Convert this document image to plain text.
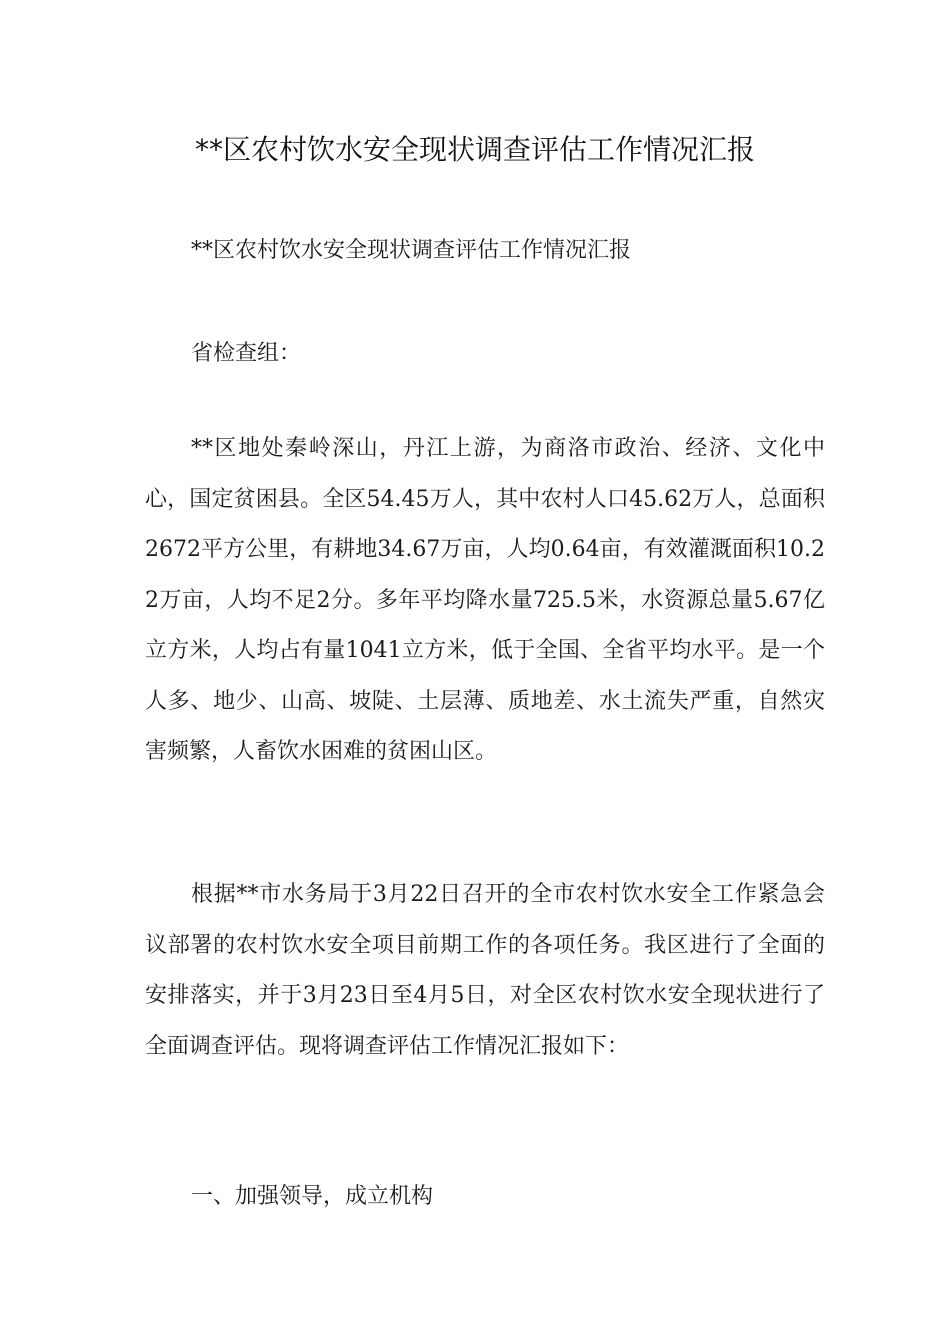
**区农村饮水安全现状调查评估工作情况汇报

**区农村饮水安全现状调查评估工作情况汇报

省检查组：

**区地处秦岭深山，丹江上游，为商洛市政治、经济、文化中心，国定贫困县。全区54.45万人，其中农村人口45.62万人，总面积2672平方公里，有耕地34.67万亩，人均0.64亩，有效灌溉面积10.22万亩，人均不足2分。多年平均降水量725.5米，水资源总量5.67亿立方米，人均占有量1041立方米，低于全国、全省平均水平。是一个人多、地少、山高、坡陡、土层薄、质地差、水土流失严重，自然灾害频繁，人畜饮水困难的贫困山区。

根据**市水务局于3月22日召开的全市农村饮水安全工作紧急会议部署的农村饮水安全项目前期工作的各项任务。我区进行了全面的安排落实，并于3月23日至4月5日，对全区农村饮水安全现状进行了全面调查评估。现将调查评估工作情况汇报如下：

一、加强领导，成立机构
